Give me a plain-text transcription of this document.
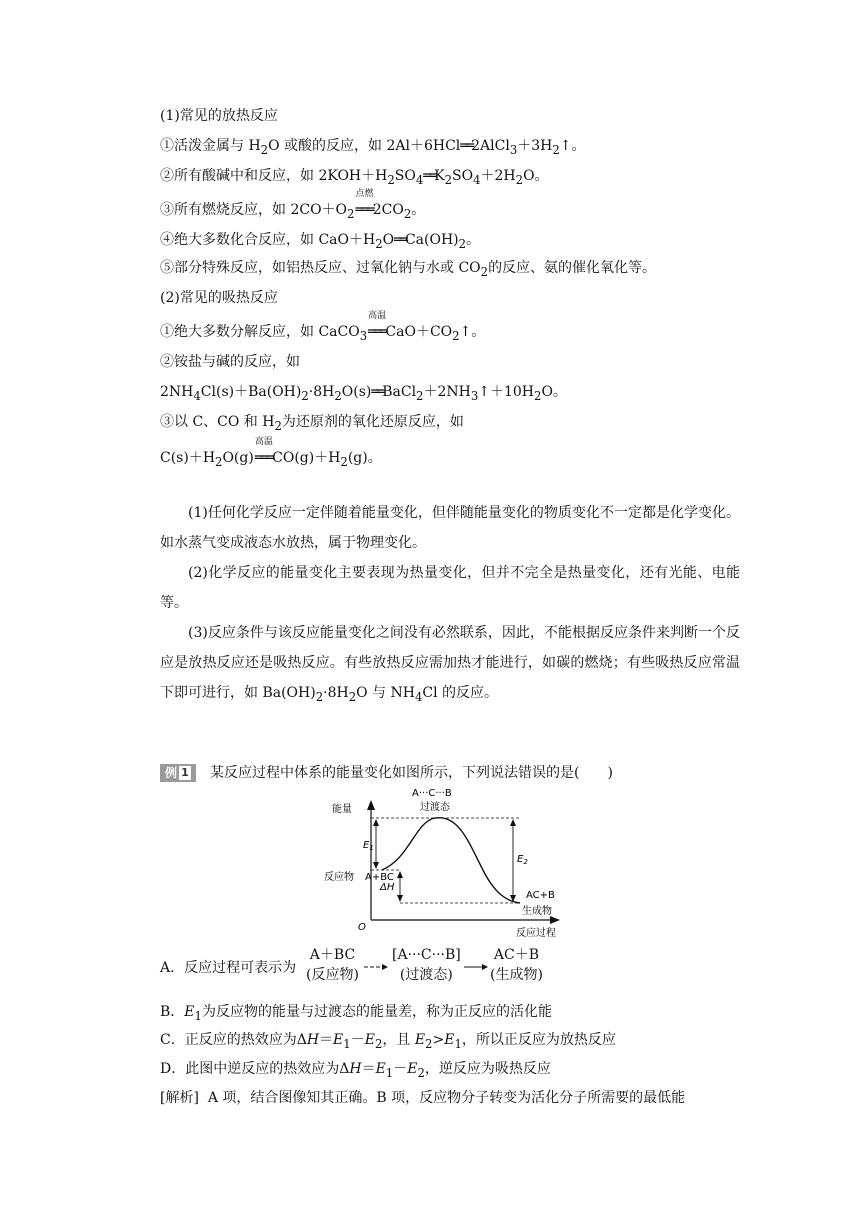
(1)常见的放热反应
①活泼金属与 $H_2O$ 或酸的反应，如 $2Al+6HCl══2AlCl_3+3H_2↑$。
②所有酸碱中和反应，如 $2KOH+H_2SO_4══K_2SO_4+2H_2O$。
③所有燃烧反应，如 $2CO+O_2$
点燃
$═══2CO_2$。
④绝大多数化合反应，如 $CaO+H_2O══Ca(OH)_2$。
⑤部分特殊反应，如铝热反应、过氧化钠与水或 $CO_2$的反应、氨的催化氧化等。
(2)常见的吸热反应
①绝大多数分解反应，如 CaCO$_3$
高温
$═══CaO+CO_2↑$。
②铵盐与碱的反应，如
$2NH_4Cl(s)+Ba(OH)_2\cdot 8H_2O(s)══BaCl_2+2NH_3↑+10H_2O$。
③以 C、CO 和 $H_2$为还原剂的氧化还原反应，如
$C(s)+H_2O(g)$
高温
$═══CO(g)+H_2(g)$。
(1)任何化学反应一定伴随着能量变化，但伴随能量变化的物质变化不一定都是化学变化。如水蒸气变成液态水放热，属于物理变化。
(2)化学反应的能量变化主要表现为热量变化，但并不完全是热量变化，还有光能、电能等。
(3)反应条件与该反应能量变化之间没有必然联系，因此，不能根据反应条件来判断一个反应是放热反应还是吸热反应。有些放热反应需加热才能进行，如碳的燃烧；有些吸热反应常温下即可进行，如 $Ba(OH)_2\cdot 8H_2O$ 与 $NH_4Cl$ 的反应。
例 1	某反应过程中体系的能量变化如图所示，下列说法错误的是(　　)
能量
反应过程
O
A···C···B
过渡态
反应物 A+BC
AC+B
生成物
$E_1$
$E_2$
ΔH
A．反应过程可表示为
A＋BC
(反应物)
[A···C···B]
(过渡态)
AC＋B
(生成物)
B．$E_1$为反应物的能量与过渡态的能量差，称为正反应的活化能
C．正反应的热效应为$\Delta H=E_1-E_2$，且 $E_2>E_1$，所以正反应为放热反应
D．此图中逆反应的热效应为$\Delta H=E_1-E_2$，逆反应为吸热反应
[解析] A 项，结合图像知其正确。B 项，反应物分子转变为活化分子所需要的最低能
